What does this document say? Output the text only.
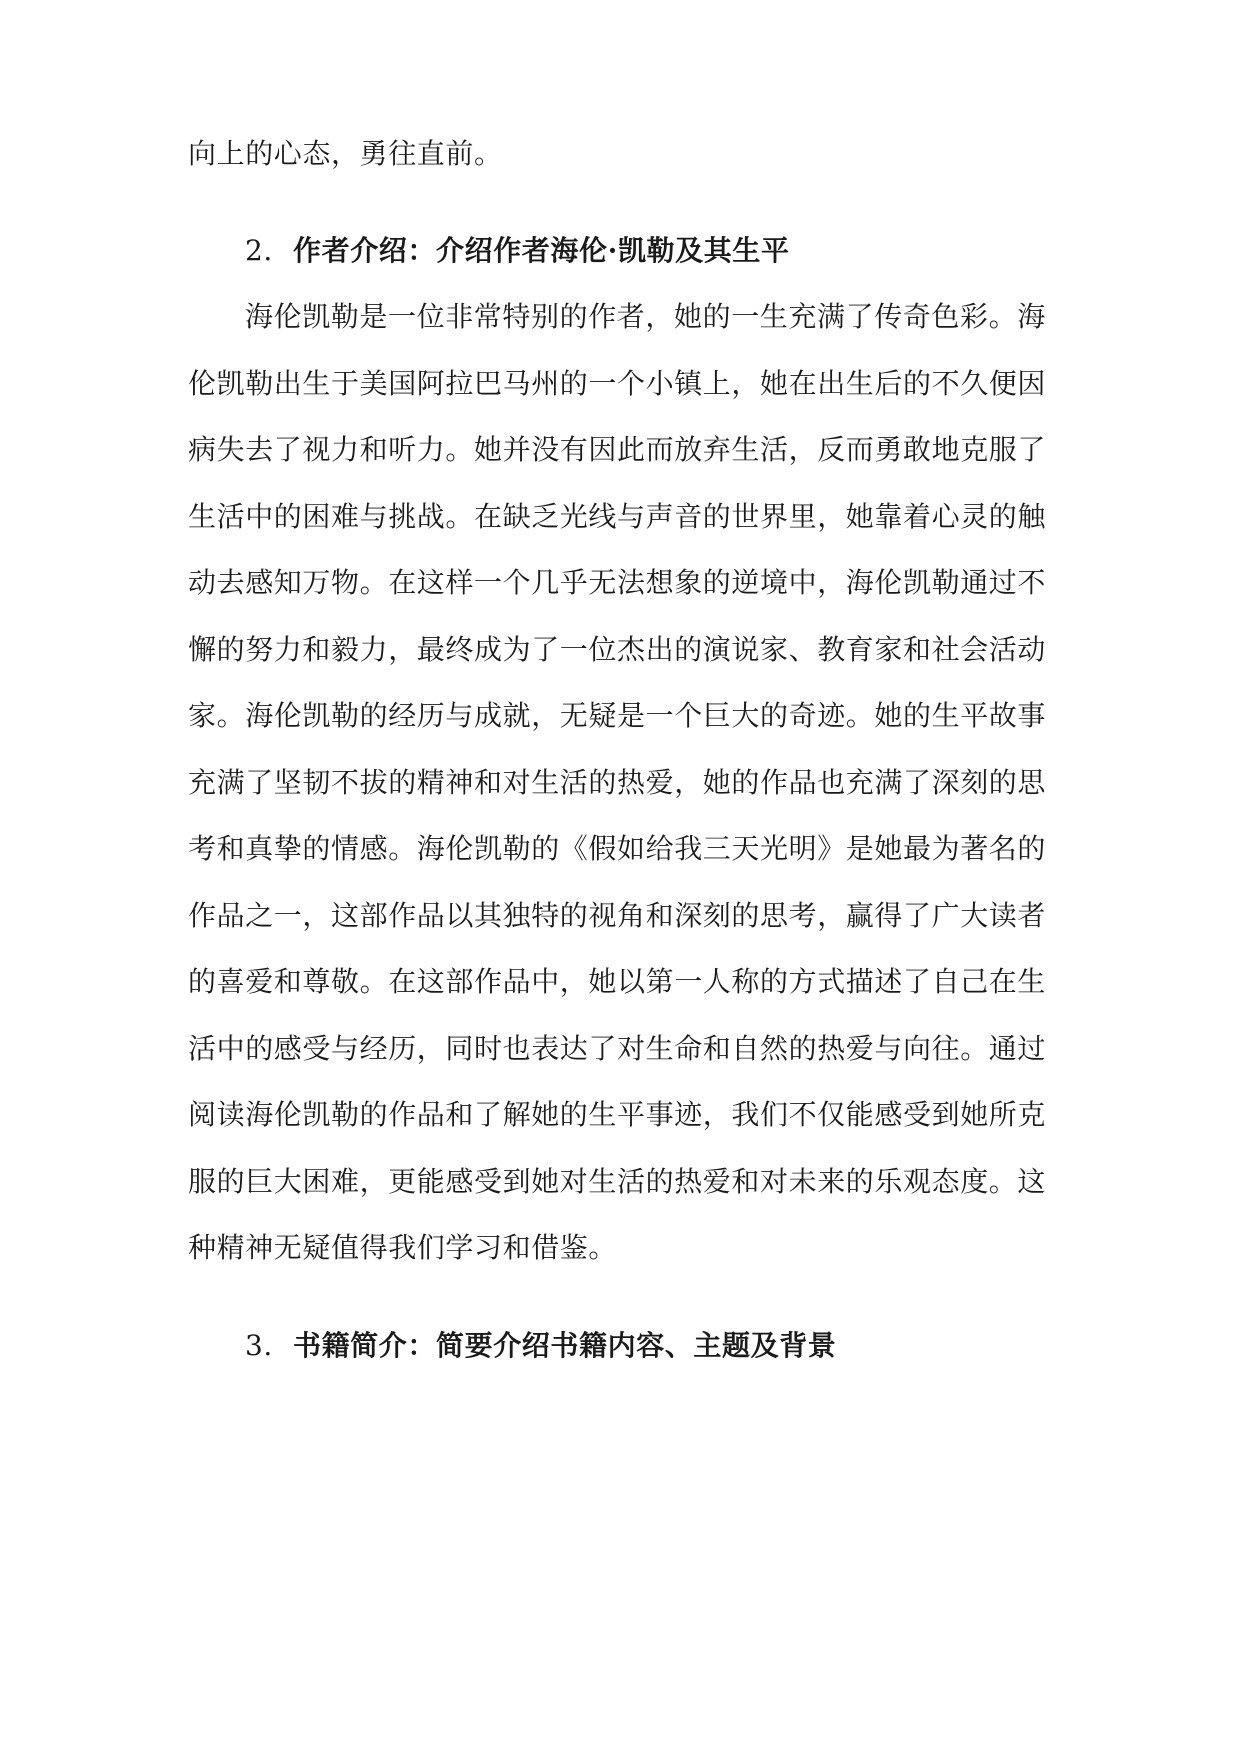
向上的心态，勇往直前。
2. 作者介绍：介绍作者海伦·凯勒及其生平
海伦凯勒是一位非常特别的作者，她的一生充满了传奇色彩。海
伦凯勒出生于美国阿拉巴马州的一个小镇上，她在出生后的不久便因
病失去了视力和听力。她并没有因此而放弃生活，反而勇敢地克服了
生活中的困难与挑战。在缺乏光线与声音的世界里，她靠着心灵的触
动去感知万物。在这样一个几乎无法想象的逆境中，海伦凯勒通过不
懈的努力和毅力，最终成为了一位杰出的演说家、教育家和社会活动
家。海伦凯勒的经历与成就，无疑是一个巨大的奇迹。她的生平故事
充满了坚韧不拔的精神和对生活的热爱，她的作品也充满了深刻的思
考和真挚的情感。海伦凯勒的《假如给我三天光明》是她最为著名的
作品之一，这部作品以其独特的视角和深刻的思考，赢得了广大读者
的喜爱和尊敬。在这部作品中，她以第一人称的方式描述了自己在生
活中的感受与经历，同时也表达了对生命和自然的热爱与向往。通过
阅读海伦凯勒的作品和了解她的生平事迹，我们不仅能感受到她所克
服的巨大困难，更能感受到她对生活的热爱和对未来的乐观态度。这
种精神无疑值得我们学习和借鉴。
3. 书籍简介：简要介绍书籍内容、主题及背景
